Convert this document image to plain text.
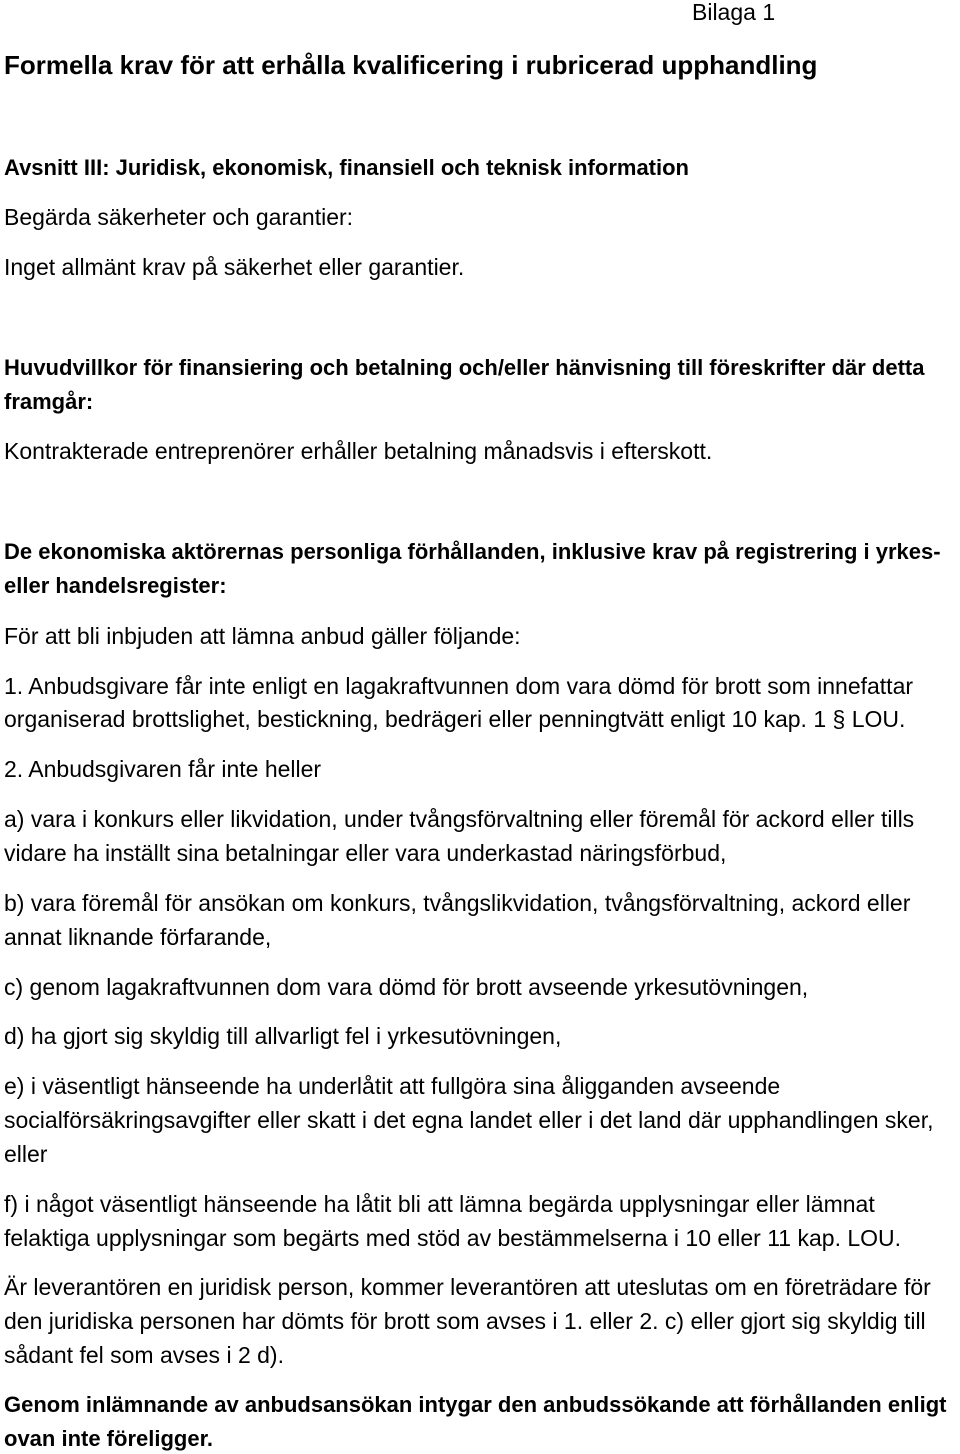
Bilaga 1
Formella krav för att erhålla kvalificering i rubricerad upphandling
Avsnitt III: Juridisk, ekonomisk, finansiell och teknisk information
Begärda säkerheter och garantier:
Inget allmänt krav på säkerhet eller garantier.
Huvudvillkor för finansiering och betalning och/eller hänvisning till föreskrifter där detta
framgår:
Kontrakterade entreprenörer erhåller betalning månadsvis i efterskott.
De ekonomiska aktörernas personliga förhållanden, inklusive krav på registrering i yrkes-
eller handelsregister:
För att bli inbjuden att lämna anbud gäller följande:
1. Anbudsgivare får inte enligt en lagakraftvunnen dom vara dömd för brott som innefattar
organiserad brottslighet, bestickning, bedrägeri eller penningtvätt enligt 10 kap. 1 § LOU.
2. Anbudsgivaren får inte heller
a) vara i konkurs eller likvidation, under tvångsförvaltning eller föremål för ackord eller tills
vidare ha inställt sina betalningar eller vara underkastad näringsförbud,
b) vara föremål för ansökan om konkurs, tvångslikvidation, tvångsförvaltning, ackord eller
annat liknande förfarande,
c) genom lagakraftvunnen dom vara dömd för brott avseende yrkesutövningen,
d) ha gjort sig skyldig till allvarligt fel i yrkesutövningen,
e) i väsentligt hänseende ha underlåtit att fullgöra sina åligganden avseende
socialförsäkringsavgifter eller skatt i det egna landet eller i det land där upphandlingen sker,
eller
f) i något väsentligt hänseende ha låtit bli att lämna begärda upplysningar eller lämnat
felaktiga upplysningar som begärts med stöd av bestämmelserna i 10 eller 11 kap. LOU.
Är leverantören en juridisk person, kommer leverantören att uteslutas om en företrädare för
den juridiska personen har dömts för brott som avses i 1. eller 2. c) eller gjort sig skyldig till
sådant fel som avses i 2 d).
Genom inlämnande av anbudsansökan intygar den anbudssökande att förhållanden enligt
ovan inte föreligger.
